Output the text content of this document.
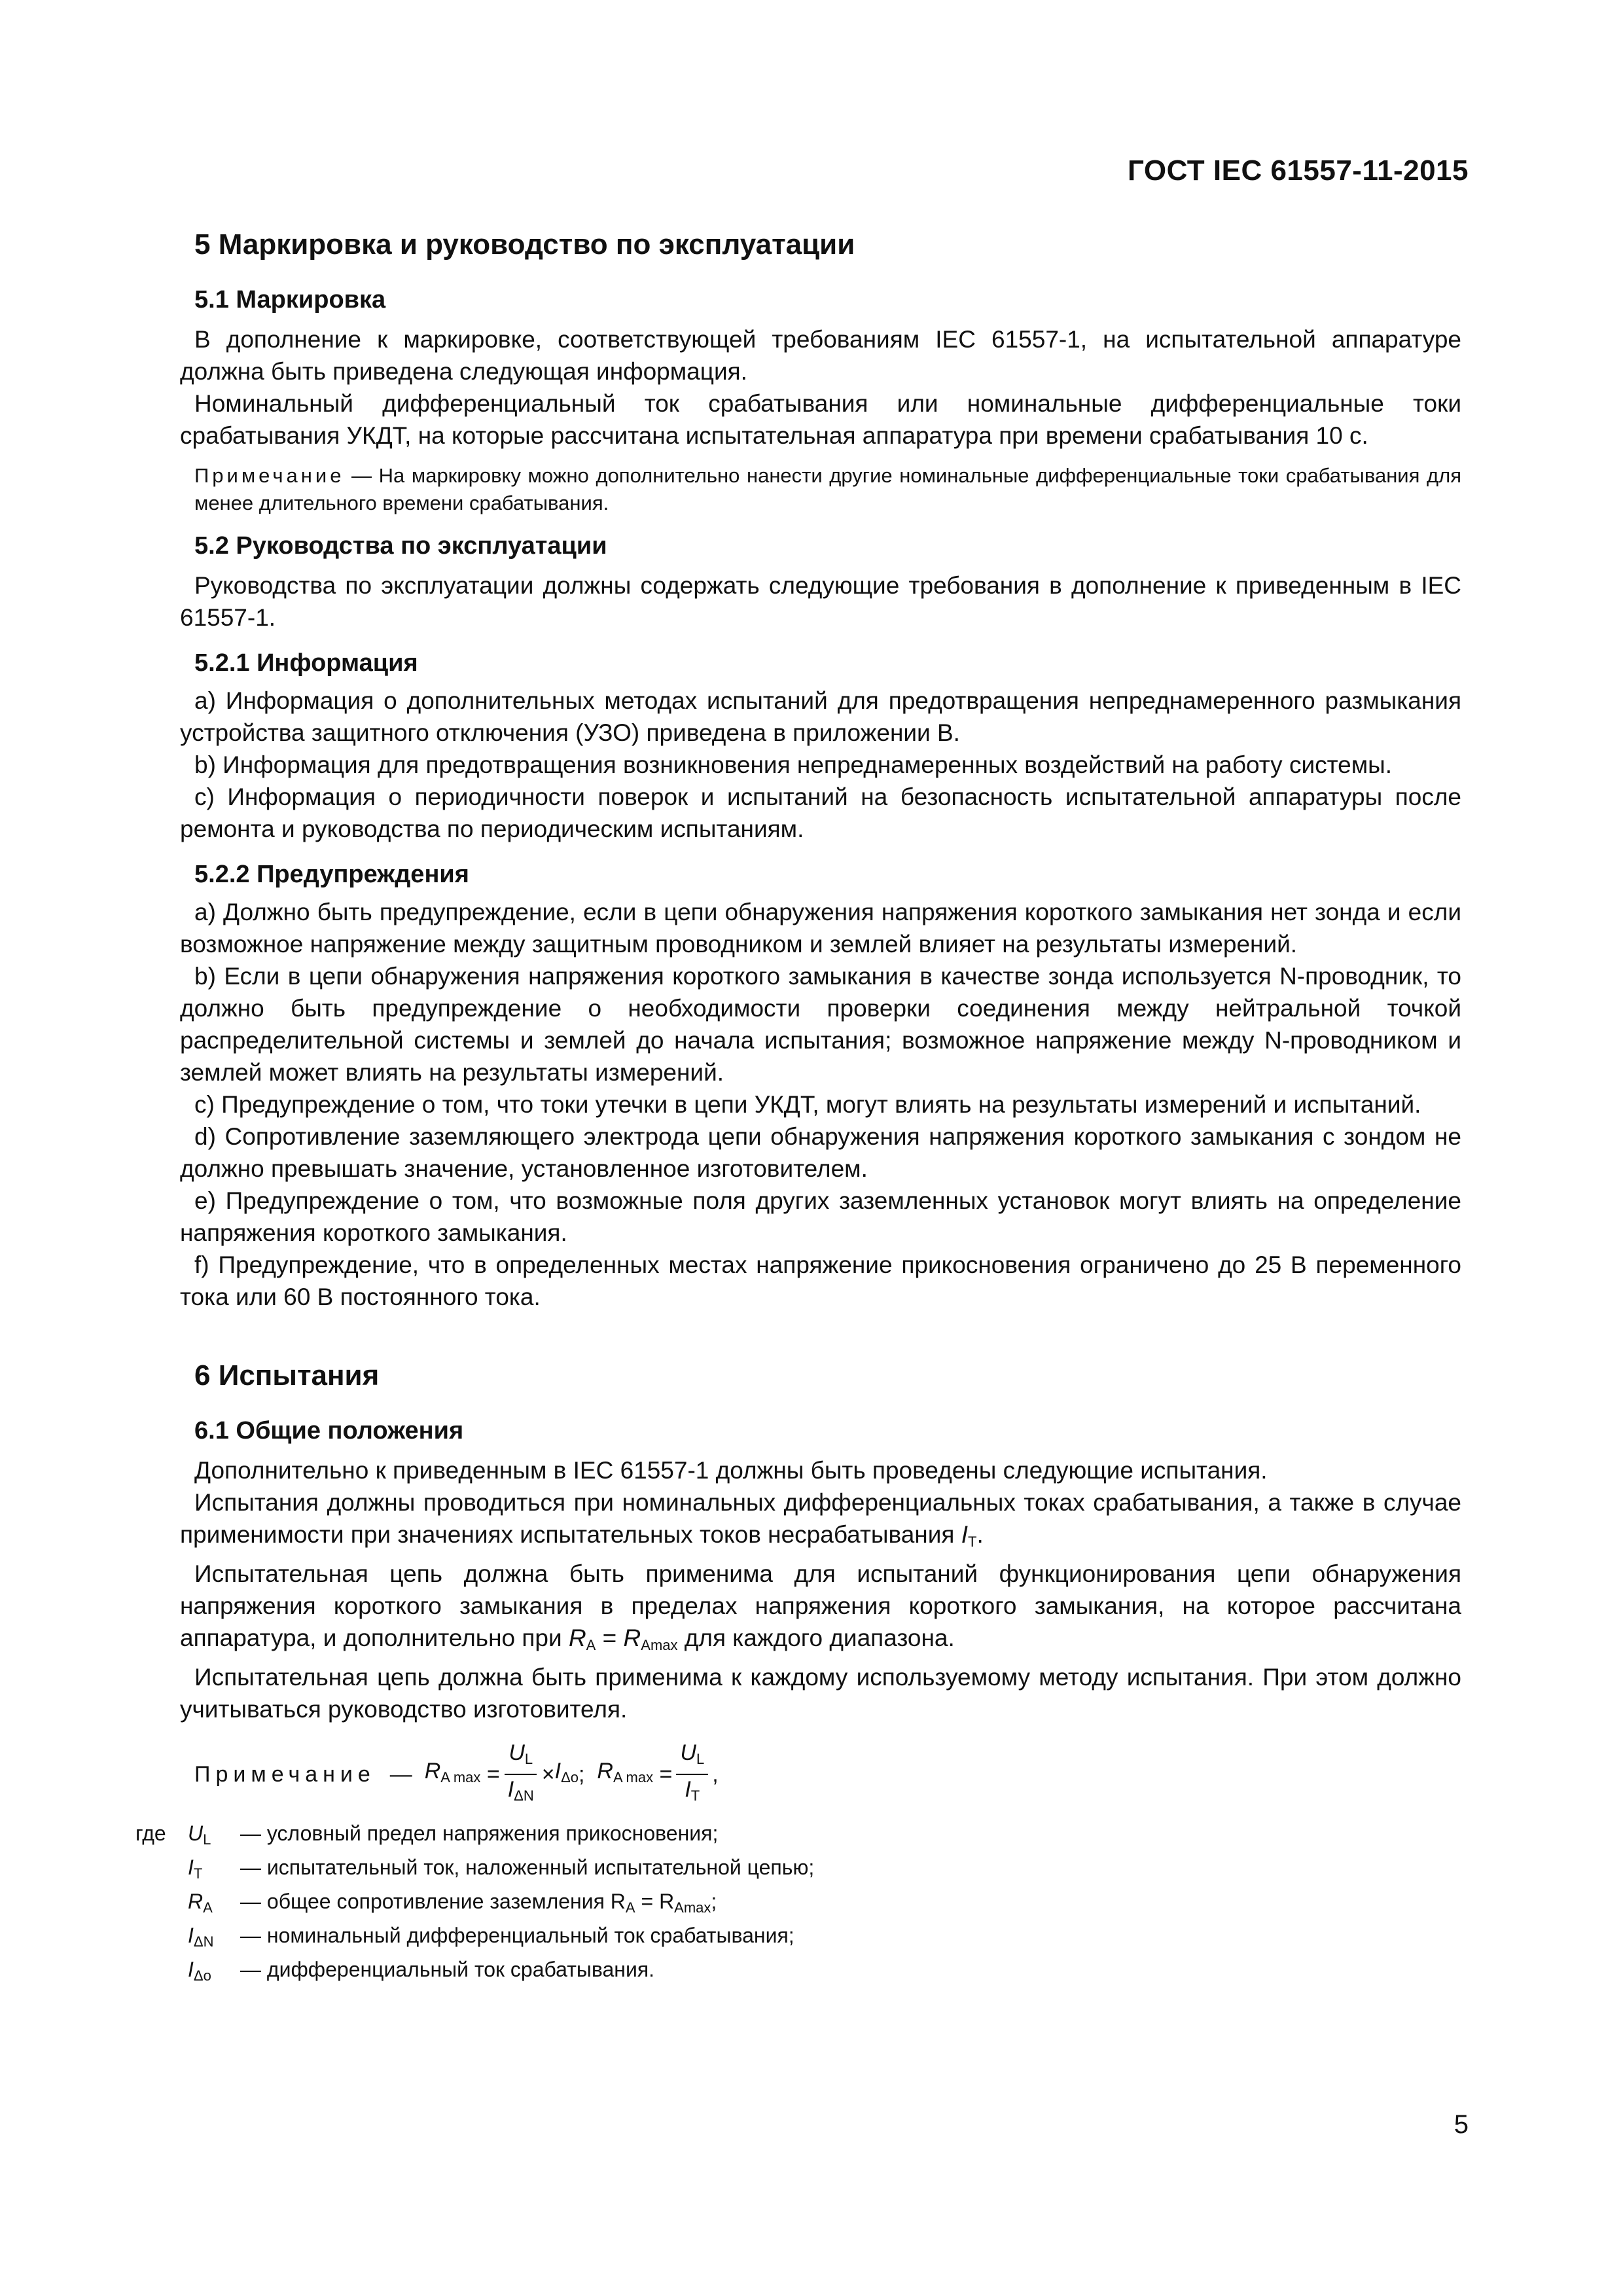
ГОСТ IEC 61557-11-2015
5 Маркировка и руководство по эксплуатации
5.1 Маркировка

В дополнение к маркировке, соответствующей требованиям IEC 61557-1, на испытательной аппаратуре должна быть приведена следующая информация.

Номинальный дифференциальный ток срабатывания или номинальные дифференциальные токи срабатывания УКДТ, на которые рассчитана испытательная аппаратура при времени срабатывания 10 с.

Примечание — На маркировку можно дополнительно нанести другие номинальные дифференциальные токи срабатывания для менее длительного времени срабатывания.

5.2 Руководства по эксплуатации

Руководства по эксплуатации должны содержать следующие требования в дополнение к приведенным в IEC 61557-1.

5.2.1 Информация

a) Информация о дополнительных методах испытаний для предотвращения непреднамеренного размыкания устройства защитного отключения (УЗО) приведена в приложении В.

b) Информация для предотвращения возникновения непреднамеренных воздействий на работу системы.

c) Информация о периодичности поверок и испытаний на безопасность испытательной аппаратуры после ремонта и руководства по периодическим испытаниям.

5.2.2 Предупреждения

а) Должно быть предупреждение, если в цепи обнаружения напряжения короткого замыкания нет зонда и если возможное напряжение между защитным проводником и землей влияет на результаты измерений.

b) Если в цепи обнаружения напряжения короткого замыкания в качестве зонда используется N-проводник, то должно быть предупреждение о необходимости проверки соединения между нейтральной точкой распределительной системы и землей до начала испытания; возможное напряжение между N-проводником и землей может влиять на результаты измерений.

с) Предупреждение о том, что токи утечки в цепи УКДТ, могут влиять на результаты измерений и испытаний.

d) Сопротивление заземляющего электрода цепи обнаружения напряжения короткого замыкания с зондом не должно превышать значение, установленное изготовителем.

е) Предупреждение о том, что возможные поля других заземленных установок могут влиять на определение напряжения короткого замыкания.

f) Предупреждение, что в определенных местах напряжение прикосновения ограничено до 25 В переменного тока или 60 В постоянного тока.

6 Испытания
6.1 Общие положения

Дополнительно к приведенным в IEC 61557-1 должны быть проведены следующие испытания.

Испытания должны проводиться при номинальных дифференциальных токах срабатывания, а также в случае применимости при значениях испытательных токов несрабатывания $I_T$.

Испытательная цепь должна быть применима для испытаний функционирования цепи обнаружения напряжения короткого замыкания в пределах напряжения короткого замыкания, на которое рассчитана аппаратура, и дополнительно при $R_A = R_{Amax}$ для каждого диапазона.

Испытательная цепь должна быть применима к каждому используемому методу испытания. При этом должно учитываться руководство изготовителя.

Примечание —
RA max
= $\frac{UL}{\text{IΔN}} \times I\Delta o$ ;
RA max
= $\frac{UL}{IT}$ ,
где	UL	— условный предел напряжения прикосновения;
IT	— испытательный ток, наложенный испытательной цепью;
RA	— общее сопротивление заземления RA = RAmax;
IΔN	— номинальный дифференциальный ток срабатывания;
IΔo	— дифференциальный ток срабатывания.
5
